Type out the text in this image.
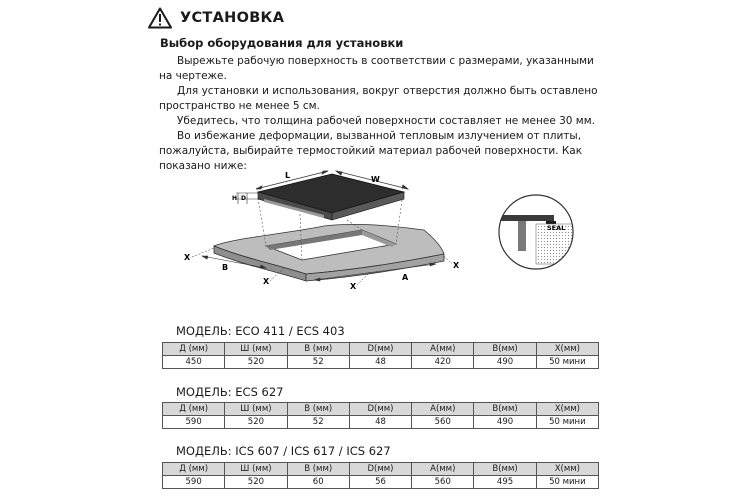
УСТАНОВКА
Выбор оборудования для установки

Вырежьте рабочую поверхность в соответствии с размерами, указанными на чертеже.

Для установки и использования, вокруг отверстия должно быть оставлено пространство не менее 5 см.

Убедитесь, что толщина рабочей поверхности составляет не менее 30 мм.

Во избежание деформации, вызванной тепловым излучением от плиты, пожалуйста, выбирайте термостойкий материал рабочей поверхности. Как показано ниже:

L	W
H D
B
A
X
X
X
X
SEAL
МОДЕЛЬ: ECO 411 / ECS 403
Д (мм)	Ш (мм)	В (мм)	D(мм)	A(мм)	B(мм)	X(мм)
450	520	52	48	420	490	50 мини
МОДЕЛЬ: ECS 627
Д (мм)	Ш (мм)	В (мм)	D(мм)	A(мм)	B(мм)	X(мм)
590	520	52	48	560	490	50 мини
МОДЕЛЬ: ICS 607 / ICS 617 / ICS 627
Д (мм)	Ш (мм)	В (мм)	D(мм)	A(мм)	B(мм)	X(мм)
590	520	60	56	560	495	50 мини
